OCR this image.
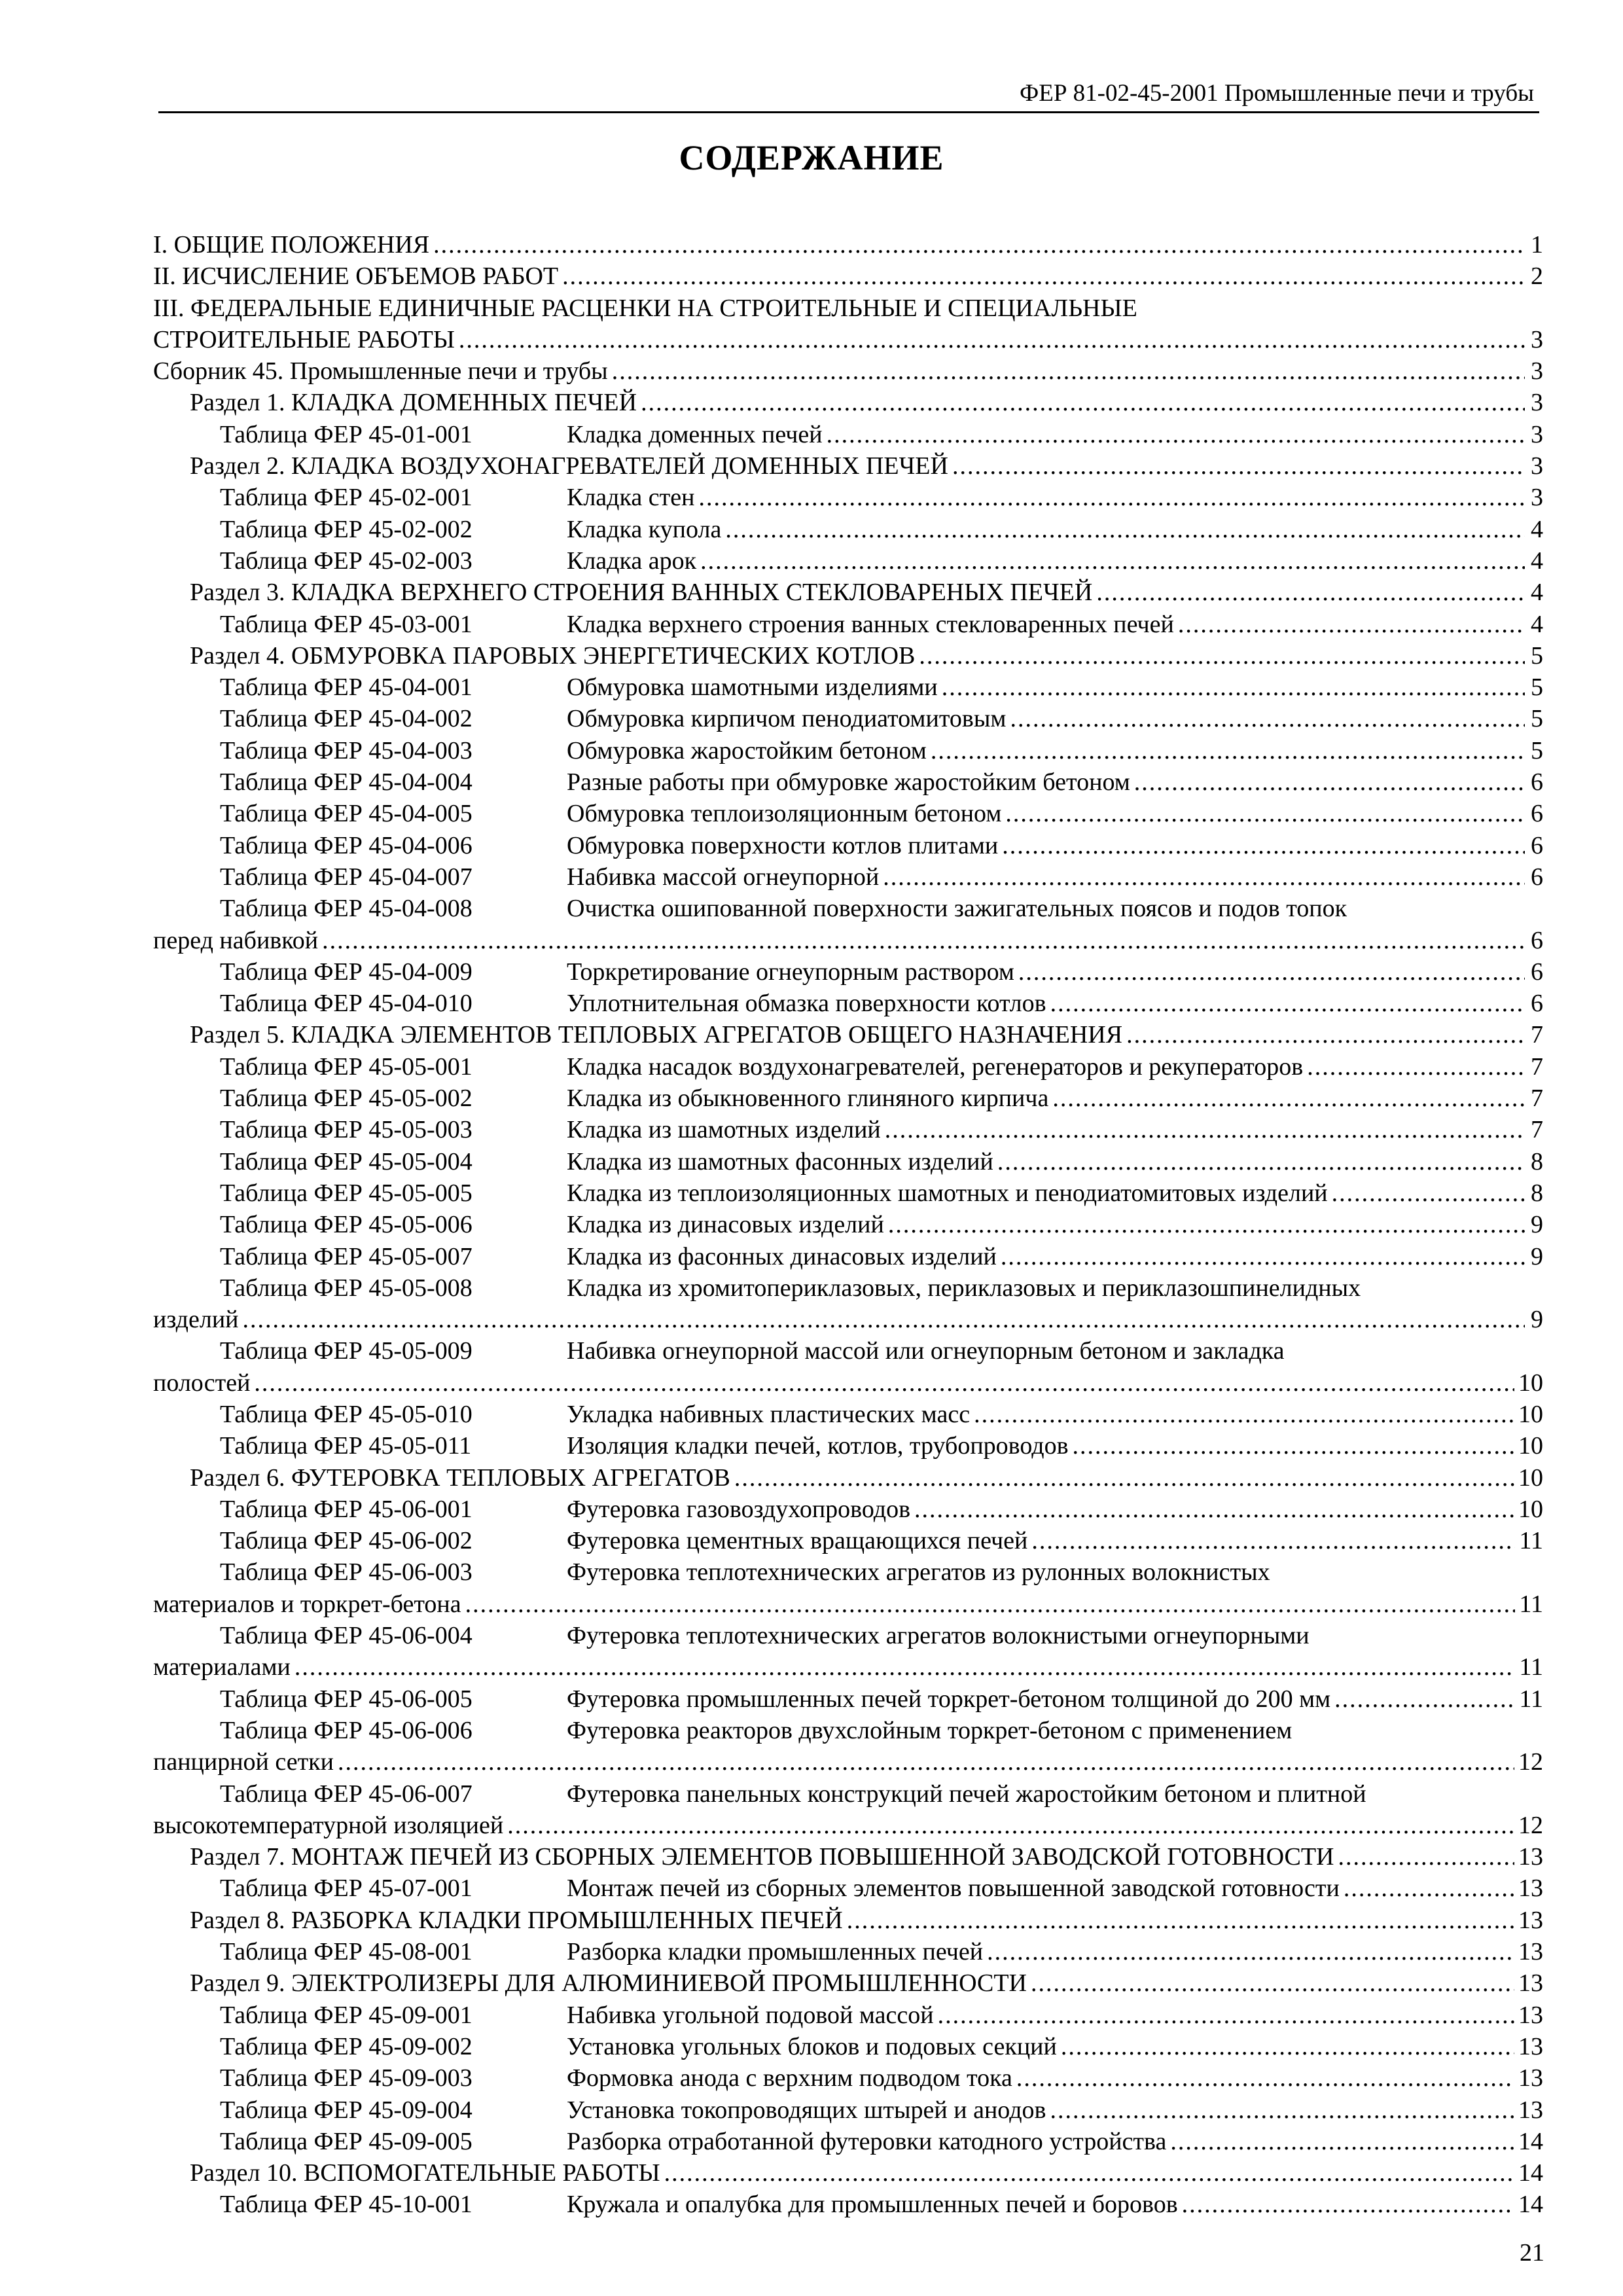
ФЕР 81-02-45-2001 Промышленные печи и трубы
СОДЕРЖАНИЕ
I. ОБЩИЕ ПОЛОЖЕНИЯ .....	1
II. ИСЧИСЛЕНИЕ ОБЪЕМОВ РАБОТ .....	2
III. ФЕДЕРАЛЬНЫЕ ЕДИНИЧНЫЕ РАСЦЕНКИ НА СТРОИТЕЛЬНЫЕ И СПЕЦИАЛЬНЫЕ
СТРОИТЕЛЬНЫЕ РАБОТЫ .....	3
Сборник 45. Промышленные печи и трубы .....	3
Раздел 1. КЛАДКА ДОМЕННЫХ ПЕЧЕЙ .....	3
Таблица ФЕР 45-01-001	Кладка доменных печей .....	3
Раздел 2. КЛАДКА ВОЗДУХОНАГРЕВАТЕЛЕЙ ДОМЕННЫХ ПЕЧЕЙ .....	3
Таблица ФЕР 45-02-001	Кладка стен .....	3
Таблица ФЕР 45-02-002	Кладка купола .....	4
Таблица ФЕР 45-02-003	Кладка арок .....	4
Раздел 3. КЛАДКА ВЕРХНЕГО СТРОЕНИЯ ВАННЫХ СТЕКЛОВАРЕНЫХ ПЕЧЕЙ .....	4
Таблица ФЕР 45-03-001	Кладка верхнего строения ванных стекловаренных печей .....	4
Раздел 4. ОБМУРОВКА ПАРОВЫХ ЭНЕРГЕТИЧЕСКИХ КОТЛОВ .....	5
Таблица ФЕР 45-04-001	Обмуровка шамотными изделиями .....	5
Таблица ФЕР 45-04-002	Обмуровка кирпичом пенодиатомитовым .....	5
Таблица ФЕР 45-04-003	Обмуровка жаростойким бетоном .....	5
Таблица ФЕР 45-04-004	Разные работы при обмуровке жаростойким бетоном .....	6
Таблица ФЕР 45-04-005	Обмуровка теплоизоляционным бетоном .....	6
Таблица ФЕР 45-04-006	Обмуровка поверхности котлов плитами .....	6
Таблица ФЕР 45-04-007	Набивка массой огнеупорной .....	6
Таблица ФЕР 45-04-008	Очистка ошипованной поверхности зажигательных поясов и подов топок
перед набивкой .....	6
Таблица ФЕР 45-04-009	Торкретирование огнеупорным раствором .....	6
Таблица ФЕР 45-04-010	Уплотнительная обмазка поверхности котлов .....	6
Раздел 5. КЛАДКА ЭЛЕМЕНТОВ ТЕПЛОВЫХ АГРЕГАТОВ ОБЩЕГО НАЗНАЧЕНИЯ .....	7
Таблица ФЕР 45-05-001	Кладка насадок воздухонагревателей, регенераторов и рекуператоров .....	7
Таблица ФЕР 45-05-002	Кладка из обыкновенного глиняного кирпича .....	7
Таблица ФЕР 45-05-003	Кладка из шамотных изделий .....	7
Таблица ФЕР 45-05-004	Кладка из шамотных фасонных изделий .....	8
Таблица ФЕР 45-05-005	Кладка из теплоизоляционных шамотных и пенодиатомитовых изделий .....	8
Таблица ФЕР 45-05-006	Кладка из динасовых изделий .....	9
Таблица ФЕР 45-05-007	Кладка из фасонных динасовых изделий .....	9
Таблица ФЕР 45-05-008	Кладка из хромитопериклазовых, периклазовых и периклазошпинелидных
изделий .....	9
Таблица ФЕР 45-05-009	Набивка огнеупорной массой или огнеупорным бетоном и закладка
полостей .....	10
Таблица ФЕР 45-05-010	Укладка набивных пластических масс .....	10
Таблица ФЕР 45-05-011	Изоляция кладки печей, котлов, трубопроводов .....	10
Раздел 6. ФУТЕРОВКА ТЕПЛОВЫХ АГРЕГАТОВ .....	10
Таблица ФЕР 45-06-001	Футеровка газовоздухопроводов .....	10
Таблица ФЕР 45-06-002	Футеровка цементных вращающихся печей .....	11
Таблица ФЕР 45-06-003	Футеровка теплотехнических агрегатов из рулонных волокнистых
материалов и торкрет-бетона .....	11
Таблица ФЕР 45-06-004	Футеровка теплотехнических агрегатов волокнистыми огнеупорными
материалами .....	11
Таблица ФЕР 45-06-005	Футеровка промышленных печей торкрет-бетоном толщиной до 200 мм .....	11
Таблица ФЕР 45-06-006	Футеровка реакторов двухслойным торкрет-бетоном с применением
панцирной сетки .....	12
Таблица ФЕР 45-06-007	Футеровка панельных конструкций печей жаростойким бетоном и плитной
высокотемпературной изоляцией .....	12
Раздел 7. МОНТАЖ ПЕЧЕЙ ИЗ СБОРНЫХ ЭЛЕМЕНТОВ ПОВЫШЕННОЙ ЗАВОДСКОЙ ГОТОВНОСТИ .....	13
Таблица ФЕР 45-07-001	Монтаж печей из сборных элементов повышенной заводской готовности .....	13
Раздел 8. РАЗБОРКА КЛАДКИ ПРОМЫШЛЕННЫХ ПЕЧЕЙ .....	13
Таблица ФЕР 45-08-001	Разборка кладки промышленных печей .....	13
Раздел 9. ЭЛЕКТРОЛИЗЕРЫ ДЛЯ АЛЮМИНИЕВОЙ ПРОМЫШЛЕННОСТИ .....	13
Таблица ФЕР 45-09-001	Набивка угольной подовой массой .....	13
Таблица ФЕР 45-09-002	Установка угольных блоков и подовых секций .....	13
Таблица ФЕР 45-09-003	Формовка анода с верхним подводом тока .....	13
Таблица ФЕР 45-09-004	Установка токопроводящих штырей и анодов .....	13
Таблица ФЕР 45-09-005	Разборка отработанной футеровки катодного устройства .....	14
Раздел 10. ВСПОМОГАТЕЛЬНЫЕ РАБОТЫ .....	14
Таблица ФЕР 45-10-001	Кружала и опалубка для промышленных печей и боровов .....	14
21
